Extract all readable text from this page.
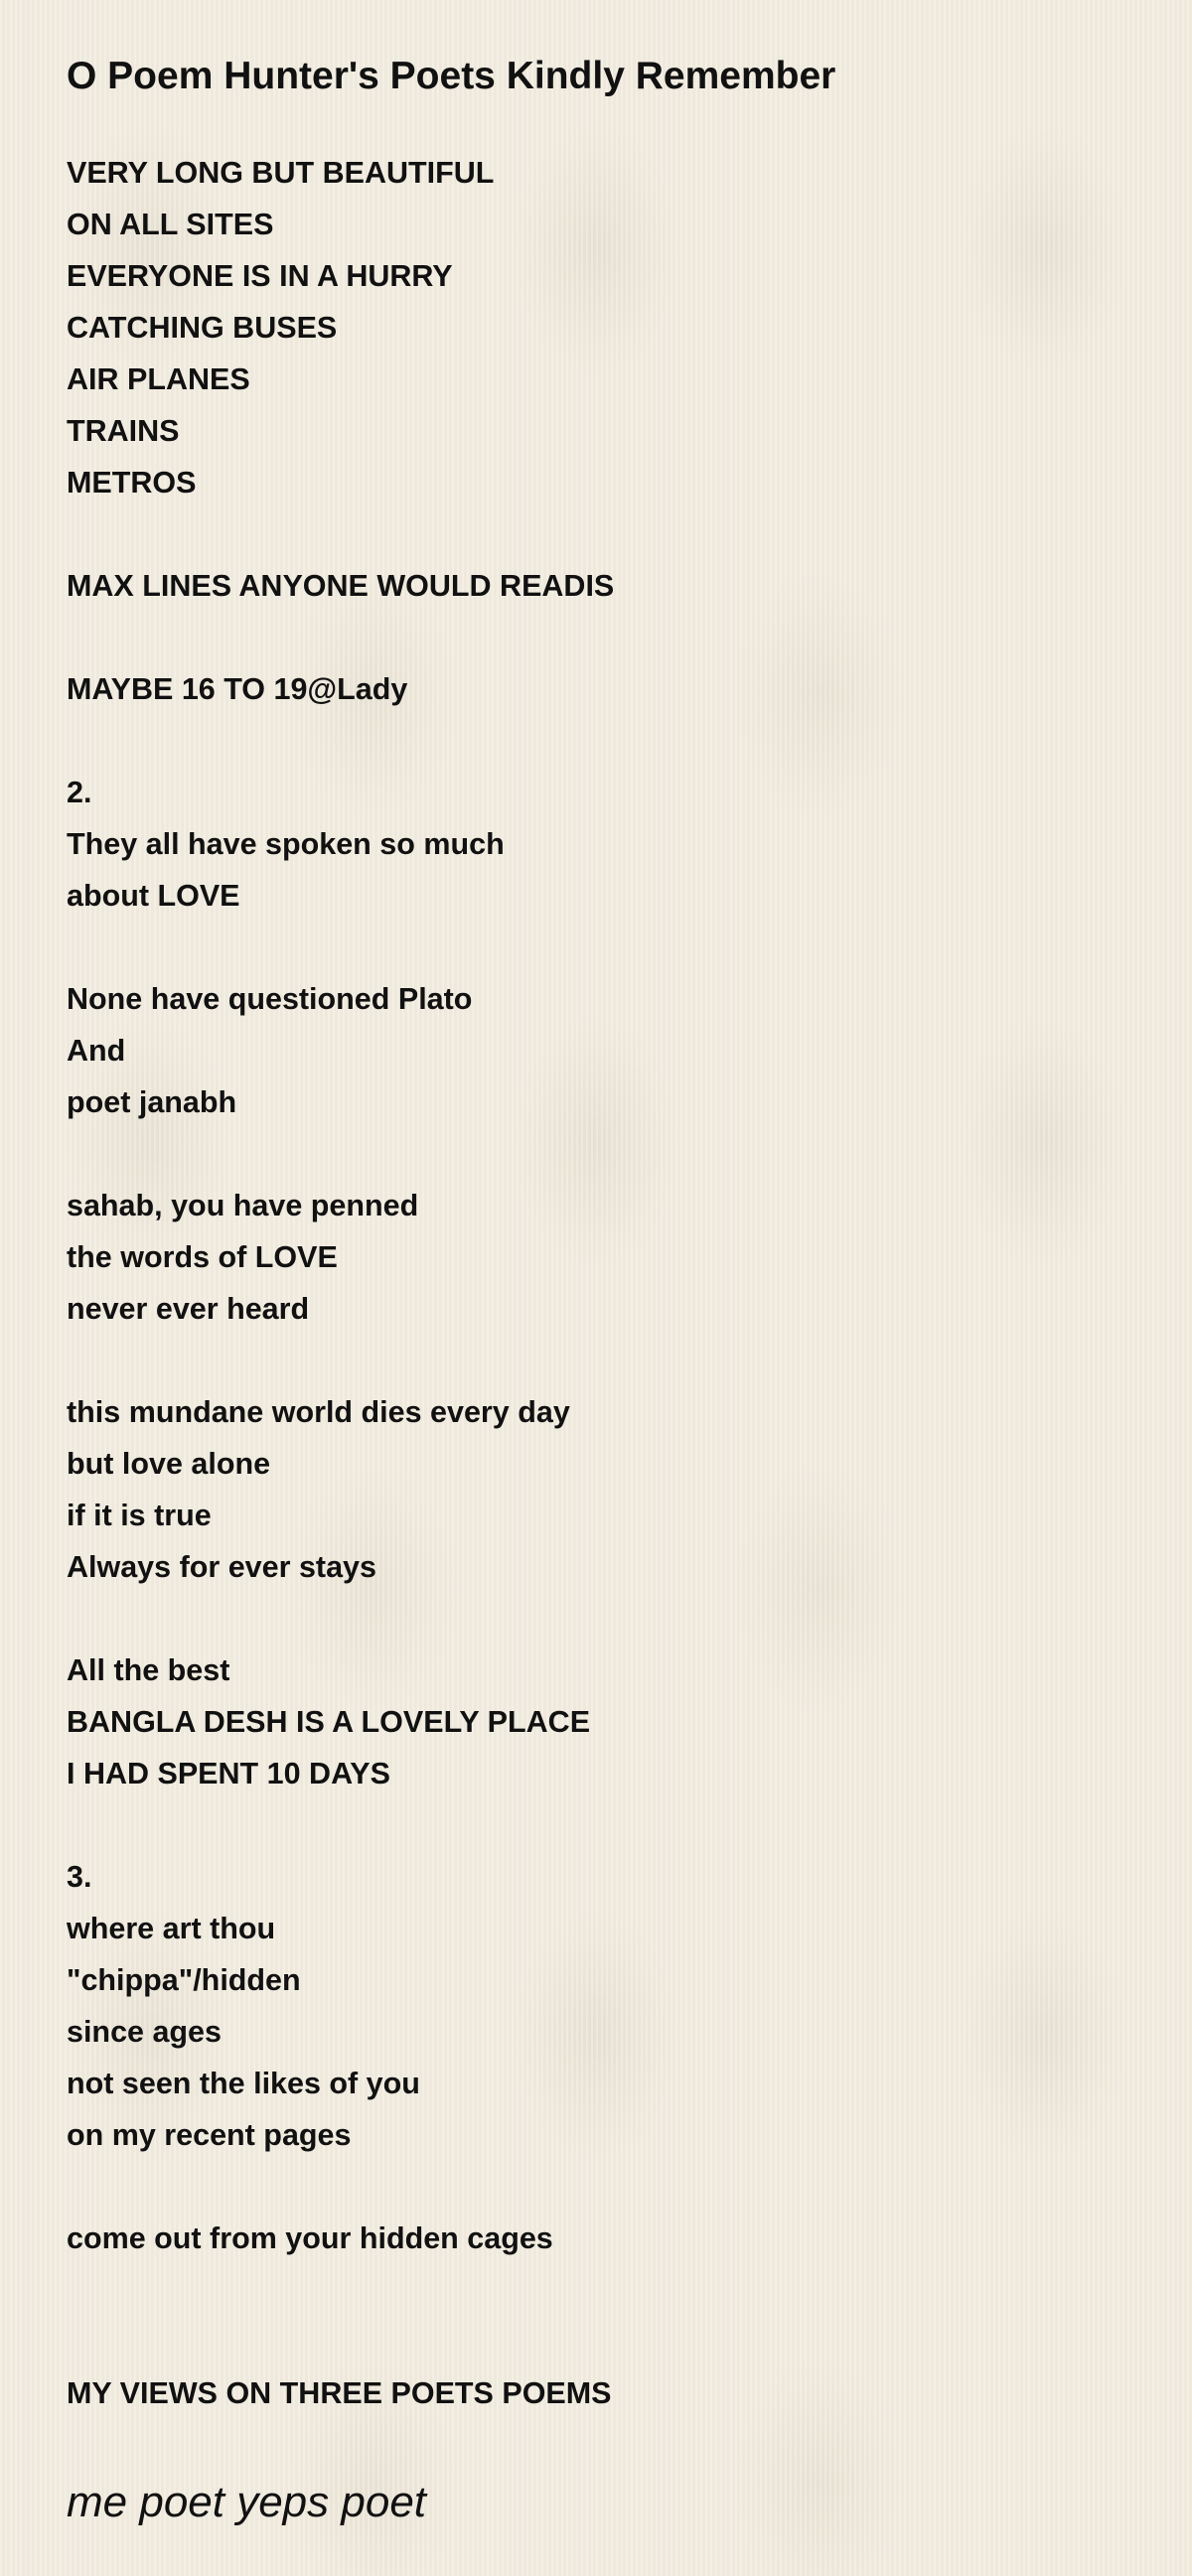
O Poem Hunter's Poets Kindly Remember
VERY LONG BUT BEAUTIFUL
ON ALL SITES
EVERYONE IS IN A HURRY
CATCHING BUSES
AIR PLANES
TRAINS
METROS
MAX LINES ANYONE WOULD READIS
MAYBE 16 TO 19@Lady
2.
They all have spoken so much
about LOVE
None have questioned Plato
And
poet janabh
sahab, you have penned
the words of LOVE
never ever heard
this mundane world dies every day
but love alone
if it is true
Always for ever stays
All the best
BANGLA DESH IS A LOVELY PLACE
I HAD SPENT 10 DAYS
3.
where art thou
"chippa"/hidden
since ages
not seen the likes of you
on my recent pages
come out from your hidden cages
MY VIEWS ON THREE POETS POEMS
me poet yeps poet
